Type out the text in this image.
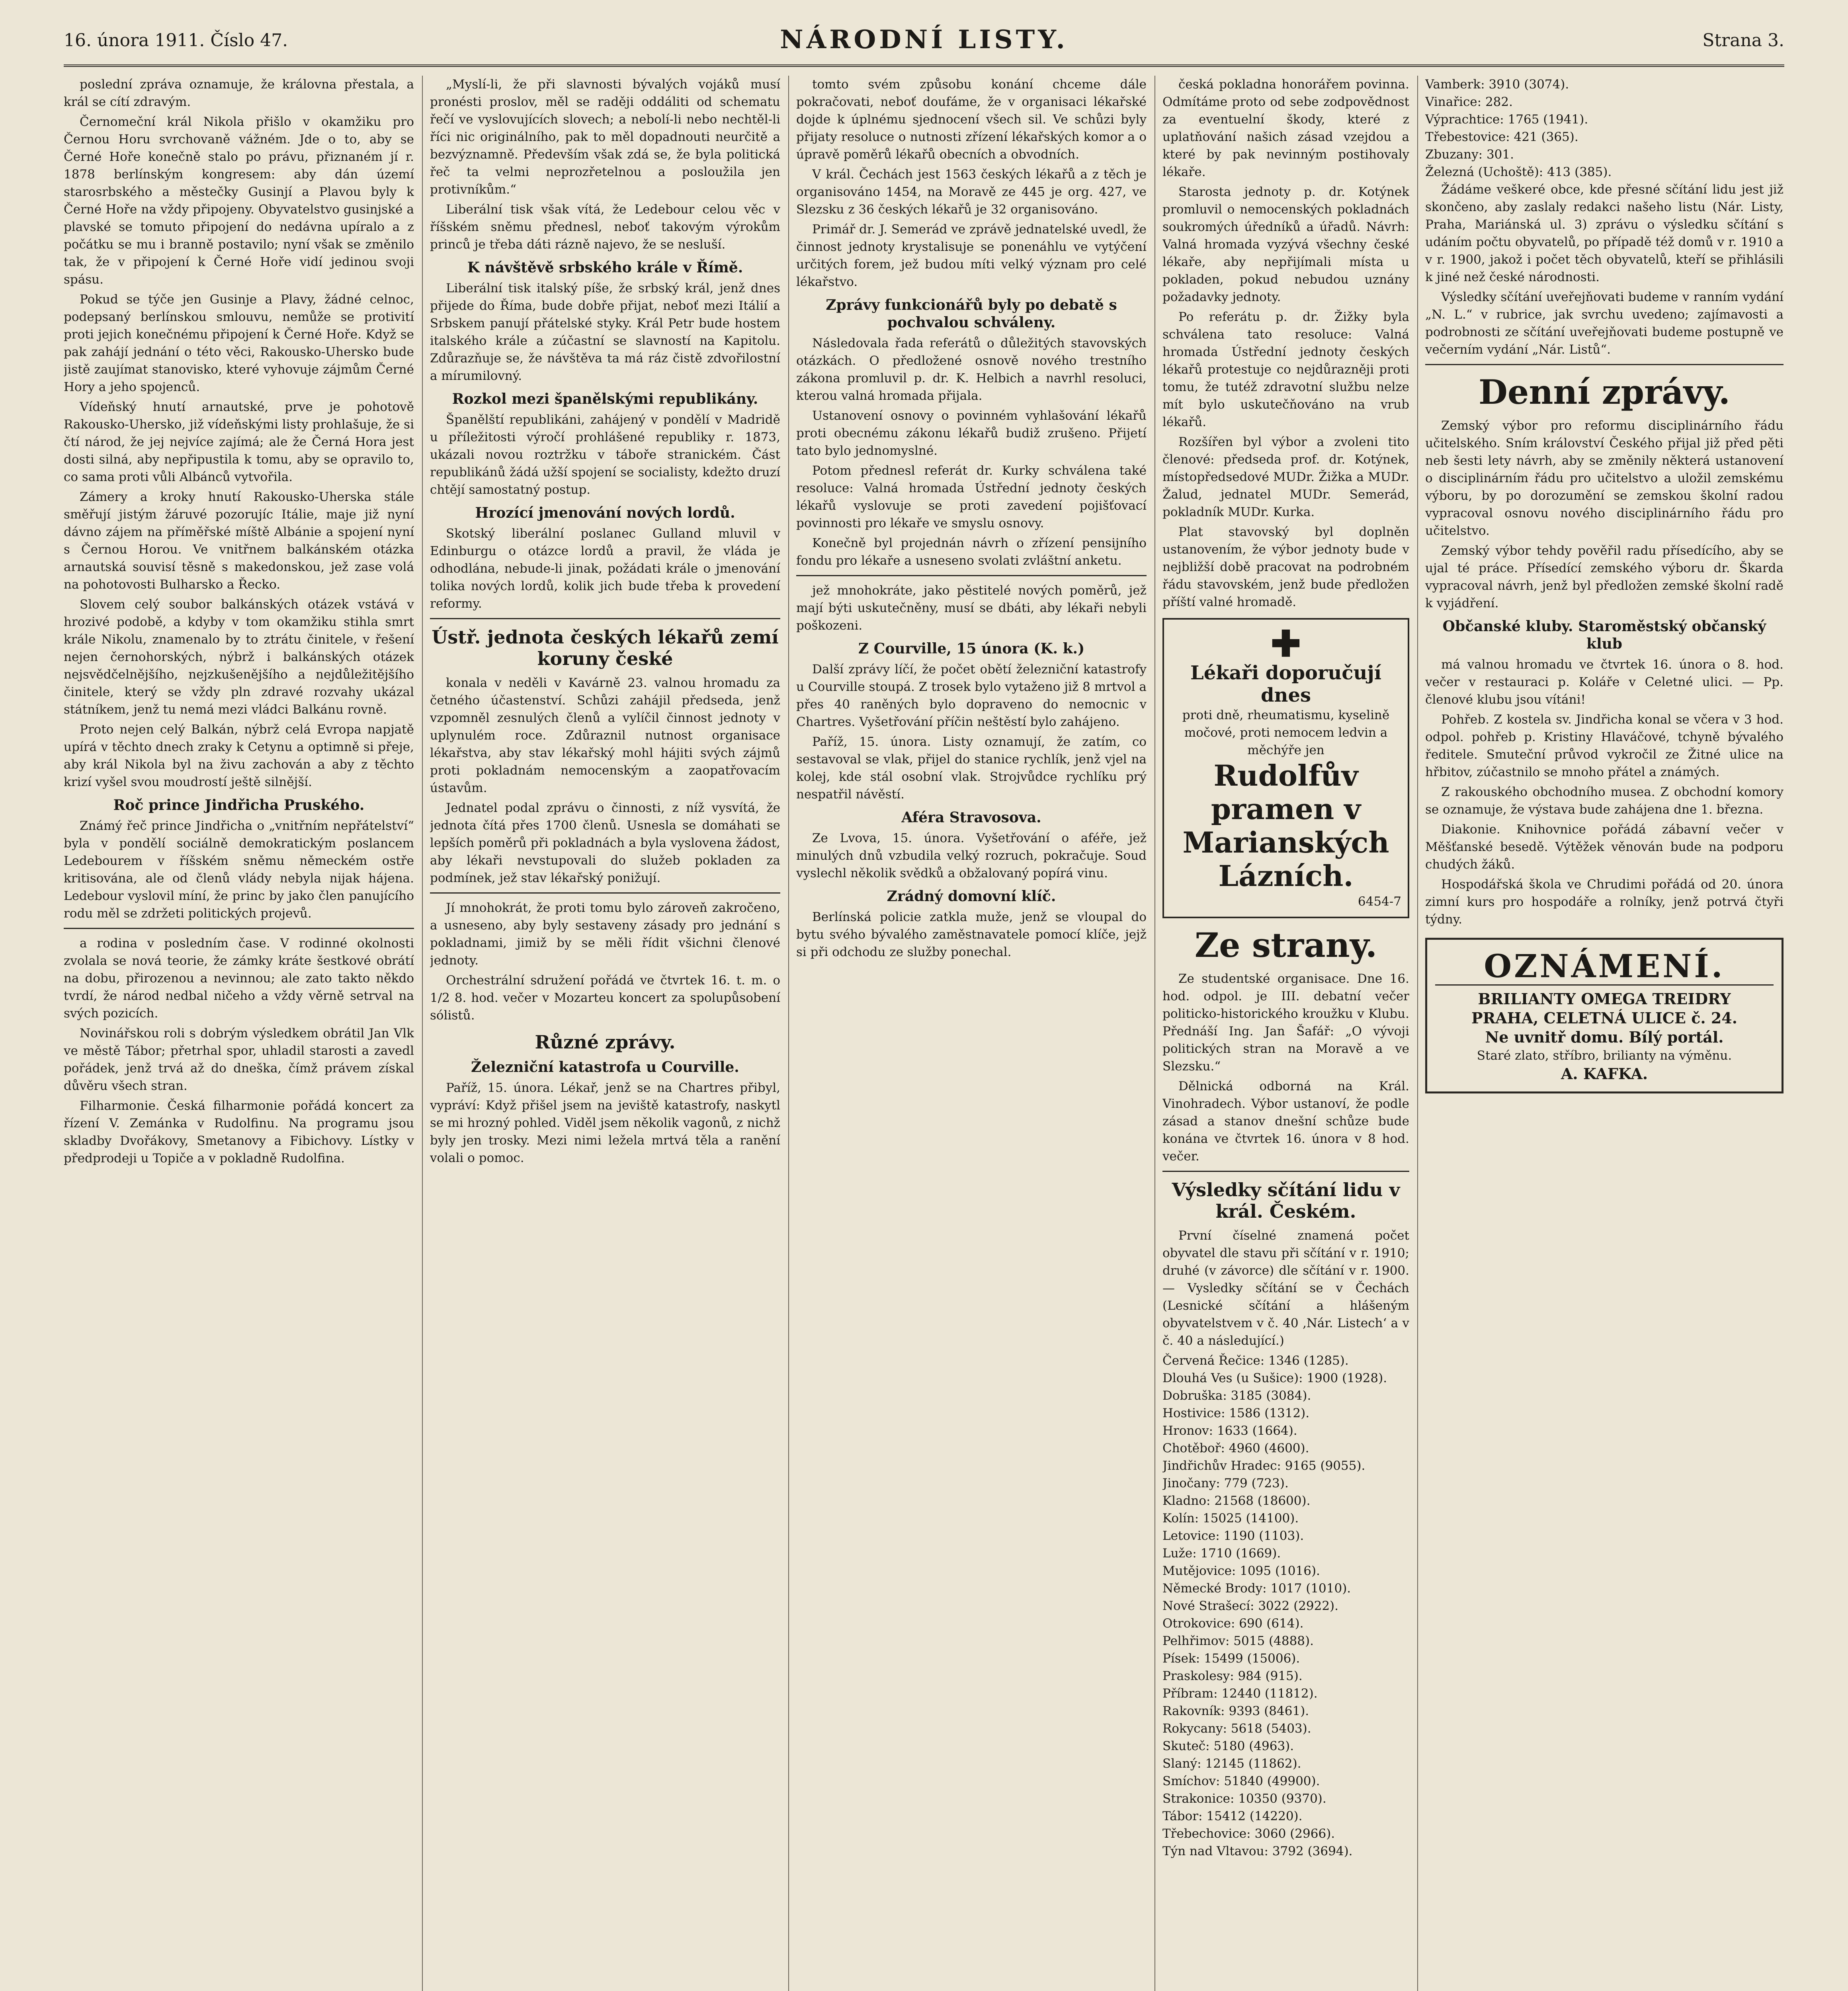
16. února 1911. Číslo 47.	NÁRODNÍ LISTY.	Strana 3.

poslední zpráva oznamuje, že královna přestala, a král se cítí zdravým.

Černomeční král Nikola přišlo v okamžiku pro Černou Horu svrchovaně vážném. Jde o to, aby se Černé Hoře konečně stalo po právu, přiznaném jí r. 1878 berlínským kongresem: aby dán území starosrbského a městečky Gusinjí a Plavou byly k Černé Hoře na vždy připojeny. Obyvatelstvo gusinjské a plavské se tomuto připojení do nedávna upíralo a z počátku se mu i branně postavilo; nyní však se změnilo tak, že v připojení k Černé Hoře vidí jedinou svoji spásu.

Pokud se týče jen Gusinje a Plavy, žádné celnoc, podepsaný berlínskou smlouvu, nemůže se protivití proti jejich konečnému připojení k Černé Hoře. Když se pak zahájí jednání o této věci, Rakousko-Uhersko bude jistě zaujímat stanovisko, které vyhovuje zájmům Černé Hory a jeho spojenců.

Vídeňský hnutí arnautské, prve je pohotově Rakousko-Uhersko, již vídeňskými listy prohlašuje, že si čtí národ, že jej nejvíce zajímá; ale že Černá Hora jest dosti silná, aby nepřipustila k tomu, aby se opravilo to, co sama proti vůli Albánců vytvořila.

Zámery a kroky hnutí Rakousko-Uherska stále směřují jistým žáruvé pozorujíc Itálie, maje již nyní dávno zájem na příměřské míště Albánie a spojení nyní s Černou Horou. Ve vnitřnem balkánském otázka arnautská souvisí těsně s makedonskou, jež zase volá na pohotovosti Bulharsko a Řecko.

Slovem celý soubor balkánských otázek vstává v hrozivé podobě, a kdyby v tom okamžiku stihla smrt krále Nikolu, znamenalo by to ztrátu činitele, v řešení nejen černohorských, nýbrž i balkánských otázek nejsvědčelnějšího, nejzkušenějšího a nejdůležitějšího činitele, který se vždy pln zdravé rozvahy ukázal státníkem, jenž tu nemá mezi vládci Balkánu rovně.

Proto nejen celý Balkán, nýbrž celá Evropa napjatě upírá v těchto dnech zraky k Cetynu a optimně si přeje, aby král Nikola byl na živu zachován a aby z těchto krizí vyšel svou moudrostí ještě silnější.

Roč prince Jindřicha Pruského.

Známý řeč prince Jindřicha o „vnitřním nepřátelství“ byla v pondělí sociálně demokratickým poslancem Ledebourem v říšském sněmu německém ostře kritisována, ale od členů vlády nebyla nijak hájena. Ledebour vyslovil míní, že princ by jako člen panujícího rodu měl se zdržeti politických projevů.

a rodina v posledním čase. V rodinné okolnosti zvolala se nová teorie, že zámky kráte šestkové obrátí na dobu, přirozenou a nevinnou; ale zato takto někdo tvrdí, že národ nedbal ničeho a vždy věrně setrval na svých pozicích.

Novinářskou roli s dobrým výsledkem obrátil Jan Vlk ve městě Tábor; přetrhal spor, uhladil starosti a zavedl pořádek, jenž trvá až do dneška, čímž právem získal důvěru všech stran.

Filharmonie. Česká filharmonie pořádá koncert za řízení V. Zemánka v Rudolfinu. Na programu jsou skladby Dvořákovy, Smetanovy a Fibichovy. Lístky v předprodeji u Topiče a v pokladně Rudolfina.

„Myslí-li, že při slavnosti bývalých vojáků musí pronésti proslov, měl se raději oddáliti od schematu řečí ve vyslovujících slovech; a nebolí-li nebo nechtěl-li říci nic originálního, pak to měl dopadnouti neurčitě a bezvýznamně. Především však zdá se, že byla politická řeč ta velmi neprozřetelnou a posloužila jen protivníkům.“

Liberální tisk však vítá, že Ledebour celou věc v říšském sněmu přednesl, neboť takovým výrokům princů je třeba dáti rázně najevo, že se nesluší.

K návštěvě srbského krále v Římě.

Liberální tisk italský píše, že srbský král, jenž dnes přijede do Říma, bude dobře přijat, neboť mezi Itálií a Srbskem panují přátelské styky. Král Petr bude hostem italského krále a zúčastní se slavností na Kapitolu. Zdůrazňuje se, že návštěva ta má ráz čistě zdvořilostní a mírumilovný.

Rozkol mezi španělskými republikány.

Španělští republikáni, zahájený v pondělí v Madridě u příležitosti výročí prohlášené republiky r. 1873, ukázali novou roztržku v táboře stranickém. Část republikánů žádá užší spojení se socialisty, kdežto druzí chtějí samostatný postup.

Hrozící jmenování nových lordů.

Skotský liberální poslanec Gulland mluvil v Edinburgu o otázce lordů a pravil, že vláda je odhodlána, nebude-li jinak, požádati krále o jmenování tolika nových lordů, kolik jich bude třeba k provedení reformy.

Ústř. jednota českých lékařů zemí koruny české

konala v neděli v Kavárně 23. valnou hromadu za četného účastenství. Schůzi zahájil předseda, jenž vzpomněl zesnulých členů a vylíčil činnost jednoty v uplynulém roce. Zdůraznil nutnost organisace lékařstva, aby stav lékařský mohl hájiti svých zájmů proti pokladnám nemocenským a zaopatřovacím ústavům.

Jednatel podal zprávu o činnosti, z níž vysvítá, že jednota čítá přes 1700 členů. Usnesla se domáhati se lepších poměrů při pokladnách a byla vyslovena žádost, aby lékaři nevstupovali do služeb pokladen za podmínek, jež stav lékařský ponižují.

Jí mnohokrát, že proti tomu bylo zároveň zakročeno, a usneseno, aby byly sestaveny zásady pro jednání s pokladnami, jimiž by se měli řídit všichni členové jednoty.

Orchestrální sdružení pořádá ve čtvrtek 16. t. m. o 1/2 8. hod. večer v Mozarteu koncert za spolupůsobení sólistů.

Různé zprávy.
Železniční katastrofa u Courville.

Paříž, 15. února. Lékař, jenž se na Chartres přibyl, vypráví: Když přišel jsem na jeviště katastrofy, naskytl se mi hrozný pohled. Viděl jsem několik vagonů, z nichž byly jen trosky. Mezi nimi ležela mrtvá těla a ranění volali o pomoc.

tomto svém způsobu konání chceme dále pokračovati, neboť doufáme, že v organisaci lékařské dojde k úplnému sjednocení všech sil. Ve schůzi byly přijaty resoluce o nutnosti zřízení lékařských komor a o úpravě poměrů lékařů obecních a obvodních.

V král. Čechách jest 1563 českých lékařů a z těch je organisováno 1454, na Moravě ze 445 je org. 427, ve Slezsku z 36 českých lékařů je 32 organisováno.

Primář dr. J. Semerád ve zprávě jednatelské uvedl, že činnost jednoty krystalisuje se ponenáhlu ve vytýčení určitých forem, jež budou míti velký význam pro celé lékařstvo.

Zprávy funkcionářů byly po debatě s pochvalou schváleny.

Následovala řada referátů o důležitých stavovských otázkách. O předložené osnově nového trestního zákona promluvil p. dr. K. Helbich a navrhl resoluci, kterou valná hromada přijala.

Ustanovení osnovy o povinném vyhlašování lékařů proti obecnému zákonu lékařů budiž zrušeno. Přijetí tato bylo jednomyslné.

Potom přednesl referát dr. Kurky schválena také resoluce: Valná hromada Ústřední jednoty českých lékařů vyslovuje se proti zavedení pojišťovací povinnosti pro lékaře ve smyslu osnovy.

Konečně byl projednán návrh o zřízení pensijního fondu pro lékaře a usneseno svolati zvláštní anketu.

jež mnohokráte, jako pěstitelé nových poměrů, jež mají býti uskutečněny, musí se dbáti, aby lékaři nebyli poškozeni.

Z Courville, 15 února (K. k.)

Další zprávy líčí, že počet obětí železniční katastrofy u Courville stoupá. Z trosek bylo vytaženo již 8 mrtvol a přes 40 raněných bylo dopraveno do nemocnic v Chartres. Vyšetřování příčin neštěstí bylo zahájeno.

Paříž, 15. února. Listy oznamují, že zatím, co sestavoval se vlak, přijel do stanice rychlík, jenž vjel na kolej, kde stál osobní vlak. Strojvůdce rychlíku prý nespatřil návěstí.

Aféra Stravosova.

Ze Lvova, 15. února. Vyšetřování o aféře, jež minulých dnů vzbudila velký rozruch, pokračuje. Soud vyslechl několik svědků a obžalovaný popírá vinu.

Zrádný domovní klíč.

Berlínská policie zatkla muže, jenž se vloupal do bytu svého bývalého zaměstnavatele pomocí klíče, jejž si při odchodu ze služby ponechal.

česká pokladna honorářem povinna. Odmítáme proto od sebe zodpovědnost za eventuelní škody, které z uplatňování našich zásad vzejdou a které by pak nevinným postihovaly lékaře.

Starosta jednoty p. dr. Kotýnek promluvil o nemocenských pokladnách soukromých úředníků a úřadů. Návrh: Valná hromada vyzývá všechny české lékaře, aby nepřijímali místa u pokladen, pokud nebudou uznány požadavky jednoty.

Po referátu p. dr. Žižky byla schválena tato resoluce: Valná hromada Ústřední jednoty českých lékařů protestuje co nejdůrazněji proti tomu, že tutéž zdravotní službu nelze mít bylo uskutečňováno na vrub lékařů.

Rozšířen byl výbor a zvoleni tito členové: předseda prof. dr. Kotýnek, místopředsedové MUDr. Žižka a MUDr. Žalud, jednatel MUDr. Semerád, pokladník MUDr. Kurka.

Plat stavovský byl doplněn ustanovením, že výbor jednoty bude v nejbližší době pracovat na podrobném řádu stavovském, jenž bude předložen příští valné hromadě.

✚
Lékaři doporučují dnes
proti dně, rheumatismu, kyselině močové, proti nemocem ledvin a měchýře jen
Rudolfův pramen v Marianských Lázních.
6454-7
Ze strany.

Ze studentské organisace. Dne 16. hod. odpol. je III. debatní večer politicko-historického kroužku v Klubu. Přednáší Ing. Jan Šafář: „O vývoji politických stran na Moravě a ve Slezsku.“

Dělnická odborná na Král. Vinohradech. Výbor ustanoví, že podle zásad a stanov dnešní schůze bude konána ve čtvrtek 16. února v 8 hod. večer.

Výsledky sčítání lidu v král. Českém.

První číselné znamená počet obyvatel dle stavu při sčítání v r. 1910; druhé (v závorce) dle sčítání v r. 1900. — Vysledky sčítání se v Čechách (Lesnické sčítání a hlášeným obyvatelstvem v č. 40 ‚Nár. Listech‘ a v č. 40 a následující.)

Červená Řečice: 1346 (1285).

Dlouhá Ves (u Sušice): 1900 (1928).

Dobruška: 3185 (3084).

Hostivice: 1586 (1312).

Hronov: 1633 (1664).

Chotěboř: 4960 (4600).

Jindřichův Hradec: 9165 (9055).

Jinočany: 779 (723).

Kladno: 21568 (18600).

Kolín: 15025 (14100).

Letovice: 1190 (1103).

Luže: 1710 (1669).

Mutějovice: 1095 (1016).

Německé Brody: 1017 (1010).

Nové Strašecí: 3022 (2922).

Otrokovice: 690 (614).

Pelhřimov: 5015 (4888).

Písek: 15499 (15006).

Praskolesy: 984 (915).

Příbram: 12440 (11812).

Rakovník: 9393 (8461).

Rokycany: 5618 (5403).

Skuteč: 5180 (4963).

Slaný: 12145 (11862).

Smíchov: 51840 (49900).

Strakonice: 10350 (9370).

Tábor: 15412 (14220).

Třebechovice: 3060 (2966).

Týn nad Vltavou: 3792 (3694).

Vamberk: 3910 (3074).

Vinařice: 282.

Výprachtice: 1765 (1941).

Třebestovice: 421 (365).

Zbuzany: 301.

Železná (Uchoště): 413 (385).

Žádáme veškeré obce, kde přesné sčítání lidu jest již skončeno, aby zaslaly redakci našeho listu (Nár. Listy, Praha, Mariánská ul. 3) zprávu o výsledku sčítání s udáním počtu obyvatelů, po případě též domů v r. 1910 a v r. 1900, jakož i počet těch obyvatelů, kteří se přihlásili k jiné než české národnosti.

Výsledky sčítání uveřejňovati budeme v ranním vydání „N. L.“ v rubrice, jak svrchu uvedeno; zajímavosti a podrobnosti ze sčítání uveřejňovati budeme postupně ve večerním vydání „Nár. Listů“.

Denní zprávy.

Zemský výbor pro reformu disciplinárního řádu učitelského. Sním království Českého přijal již před pěti neb šesti lety návrh, aby se změnily některá ustanovení o disciplinárním řádu pro učitelstvo a uložil zemskému výboru, by po dorozumění se zemskou školní radou vypracoval osnovu nového disciplinárního řádu pro učitelstvo.

Zemský výbor tehdy pověřil radu přísedícího, aby se ujal té práce. Přísedící zemského výboru dr. Škarda vypracoval návrh, jenž byl předložen zemské školní radě k vyjádření.

Občanské kluby. Staroměstský občanský klub

má valnou hromadu ve čtvrtek 16. února o 8. hod. večer v restauraci p. Koláře v Celetné ulici. — Pp. členové klubu jsou vítáni!

Pohřeb. Z kostela sv. Jindřicha konal se včera v 3 hod. odpol. pohřeb p. Kristiny Hlaváčové, tchyně bývalého ředitele. Smuteční průvod vykročil ze Žitné ulice na hřbitov, zúčastnilo se mnoho přátel a známých.

Z rakouského obchodního musea. Z obchodní komory se oznamuje, že výstava bude zahájena dne 1. března.

Diakonie. Knihovnice pořádá zábavní večer v Měšťanské besedě. Výtěžek věnován bude na podporu chudých žáků.

Hospodářská škola ve Chrudimi pořádá od 20. února zimní kurs pro hospodáře a rolníky, jenž potrvá čtyři týdny.

OZNÁMENÍ.
BRILIANTY OMEGA TREIDRY
PRAHA, CELETNÁ ULICE č. 24.
Ne uvnitř domu. Bílý portál.
Staré zlato, stříbro, brilianty na výměnu.
A. KAFKA.
